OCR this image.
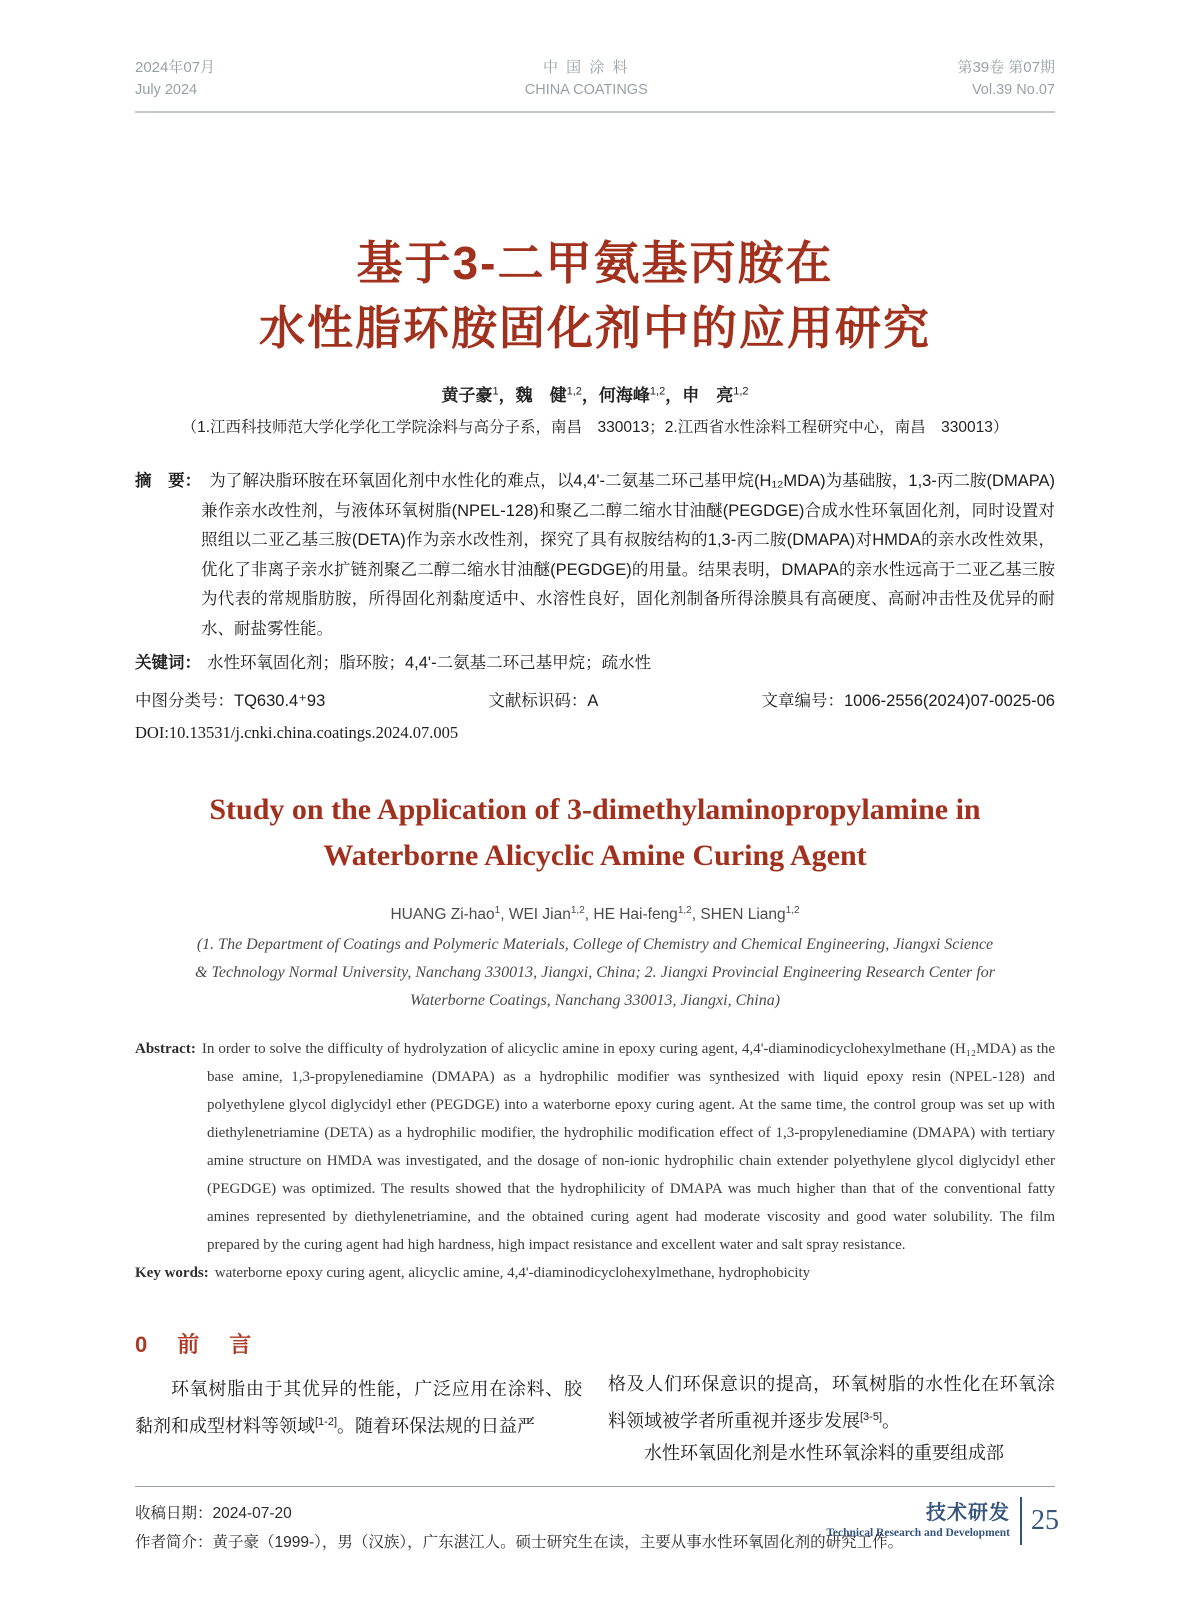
2024年07月
July 2024
中 国 涂 料
CHINA COATINGS
第39卷 第07期
Vol.39 No.07
基于3-二甲氨基丙胺在
水性脂环胺固化剂中的应用研究
黄子豪$^1$，魏　健$^{1,2}$，何海峰$^{1,2}$，申　亮$^{1,2}$
（1.江西科技师范大学化学化工学院涂料与高分子系，南昌　330013；2.江西省水性涂料工程研究中心，南昌　330013）

摘　要： 为了解决脂环胺在环氧固化剂中水性化的难点，以4,4'-二氨基二环己基甲烷(H₁₂MDA)为基础胺，1,3-丙二胺(DMAPA)兼作亲水改性剂，与液体环氧树脂(NPEL-128)和聚乙二醇二缩水甘油醚(PEGDGE)合成水性环氧固化剂，同时设置对照组以二亚乙基三胺(DETA)作为亲水改性剂，探究了具有叔胺结构的1,3-丙二胺(DMAPA)对HMDA的亲水改性效果，优化了非离子亲水扩链剂聚乙二醇二缩水甘油醚(PEGDGE)的用量。结果表明，DMAPA的亲水性远高于二亚乙基三胺为代表的常规脂肪胺，所得固化剂黏度适中、水溶性良好，固化剂制备所得涂膜具有高硬度、高耐冲击性及优异的耐水、耐盐雾性能。

关键词： 水性环氧固化剂；脂环胺；4,4'-二氨基二环己基甲烷；疏水性

中图分类号：TQ630.4⁺93	文献标识码：A	文章编号：1006-2556(2024)07-0025-06
DOI:10.13531/j.cnki.china.coatings.2024.07.005
Study on the Application of 3-dimethylaminopropylamine in
Waterborne Alicyclic Amine Curing Agent
HUANG Zi-hao$^1$, WEI Jian$^{1,2}$, HE Hai-feng$^{1,2}$, SHEN Liang$^{1,2}$
(1. The Department of Coatings and Polymeric Materials, College of Chemistry and Chemical Engineering, Jiangxi Science
& Technology Normal University, Nanchang 330013, Jiangxi, China; 2. Jiangxi Provincial Engineering Research Center for
Waterborne Coatings, Nanchang 330013, Jiangxi, China)

Abstract: In order to solve the difficulty of hydrolyzation of alicyclic amine in epoxy curing agent, 4,4'-diaminodicyclohexylmethane (H₁₂MDA) as the base amine, 1,3-propylenediamine (DMAPA) as a hydrophilic modifier was synthesized with liquid epoxy resin (NPEL-128) and polyethylene glycol diglycidyl ether (PEGDGE) into a waterborne epoxy curing agent. At the same time, the control group was set up with diethylenetriamine (DETA) as a hydrophilic modifier, the hydrophilic modification effect of 1,3-propylenediamine (DMAPA) with tertiary amine structure on HMDA was investigated, and the dosage of non-ionic hydrophilic chain extender polyethylene glycol diglycidyl ether (PEGDGE) was optimized. The results showed that the hydrophilicity of DMAPA was much higher than that of the conventional fatty amines represented by diethylenetriamine, and the obtained curing agent had moderate viscosity and good water solubility. The film prepared by the curing agent had high hardness, high impact resistance and excellent water and salt spray resistance.

Key words: waterborne epoxy curing agent, alicyclic amine, 4,4'-diaminodicyclohexylmethane, hydrophobicity

0　前　言

环氧树脂由于其优异的性能，广泛应用在涂料、胶黏剂和成型材料等领域[1-2]。随着环保法规的日益严

格及人们环保意识的提高，环氧树脂的水性化在环氧涂料领域被学者所重视并逐步发展[3-5]。

水性环氧固化剂是水性环氧涂料的重要组成部

收稿日期：2024-07-20
作者简介：黄子豪（1999-），男（汉族），广东湛江人。硕士研究生在读，主要从事水性环氧固化剂的研究工作。
技术研发
Technical Research and Development 25
